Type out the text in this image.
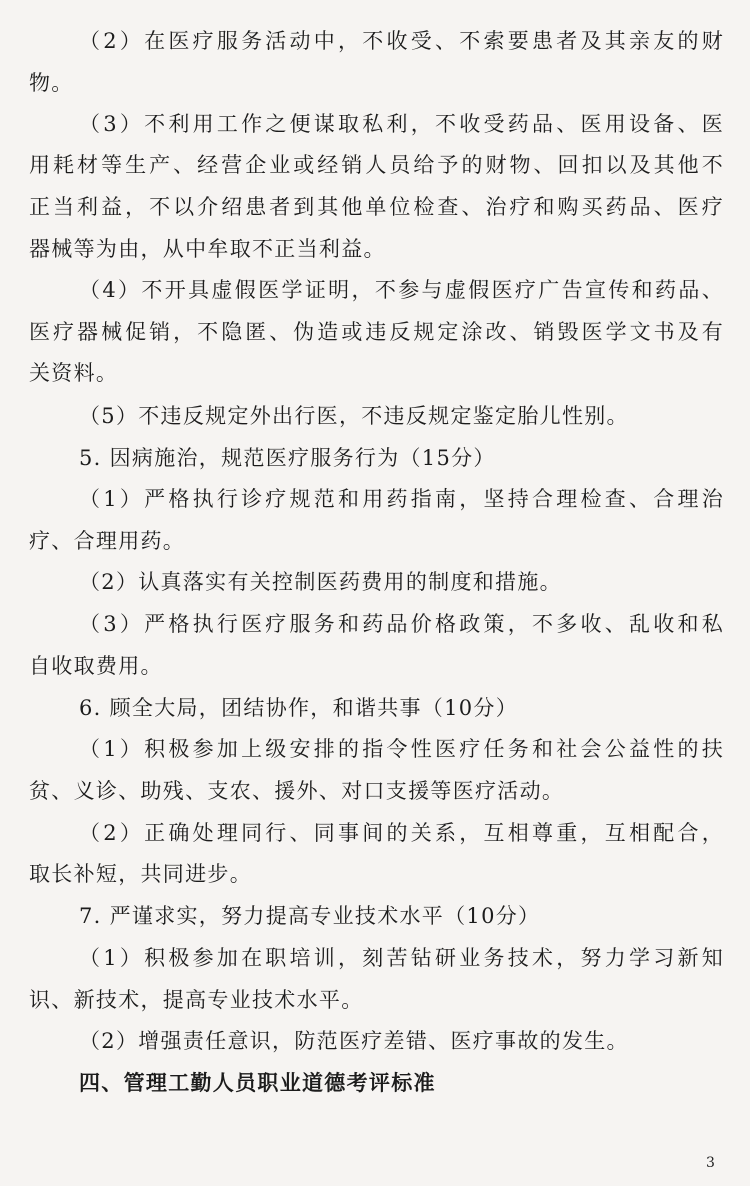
（2）在医疗服务活动中，不收受、不索要患者及其亲友的财
物。
（3）不利用工作之便谋取私利，不收受药品、医用设备、医
用耗材等生产、经营企业或经销人员给予的财物、回扣以及其他不
正当利益，不以介绍患者到其他单位检查、治疗和购买药品、医疗
器械等为由，从中牟取不正当利益。
（4）不开具虚假医学证明，不参与虚假医疗广告宣传和药品、
医疗器械促销，不隐匿、伪造或违反规定涂改、销毁医学文书及有
关资料。
（5）不违反规定外出行医，不违反规定鉴定胎儿性别。
5. 因病施治，规范医疗服务行为（15分）
（1）严格执行诊疗规范和用药指南，坚持合理检查、合理治
疗、合理用药。
（2）认真落实有关控制医药费用的制度和措施。
（3）严格执行医疗服务和药品价格政策，不多收、乱收和私
自收取费用。
6. 顾全大局，团结协作，和谐共事（10分）
（1）积极参加上级安排的指令性医疗任务和社会公益性的扶
贫、义诊、助残、支农、援外、对口支援等医疗活动。
（2）正确处理同行、同事间的关系，互相尊重，互相配合，
取长补短，共同进步。
7. 严谨求实，努力提高专业技术水平（10分）
（1）积极参加在职培训，刻苦钻研业务技术，努力学习新知
识、新技术，提高专业技术水平。
（2）增强责任意识，防范医疗差错、医疗事故的发生。
四、管理工勤人员职业道德考评标准
3
